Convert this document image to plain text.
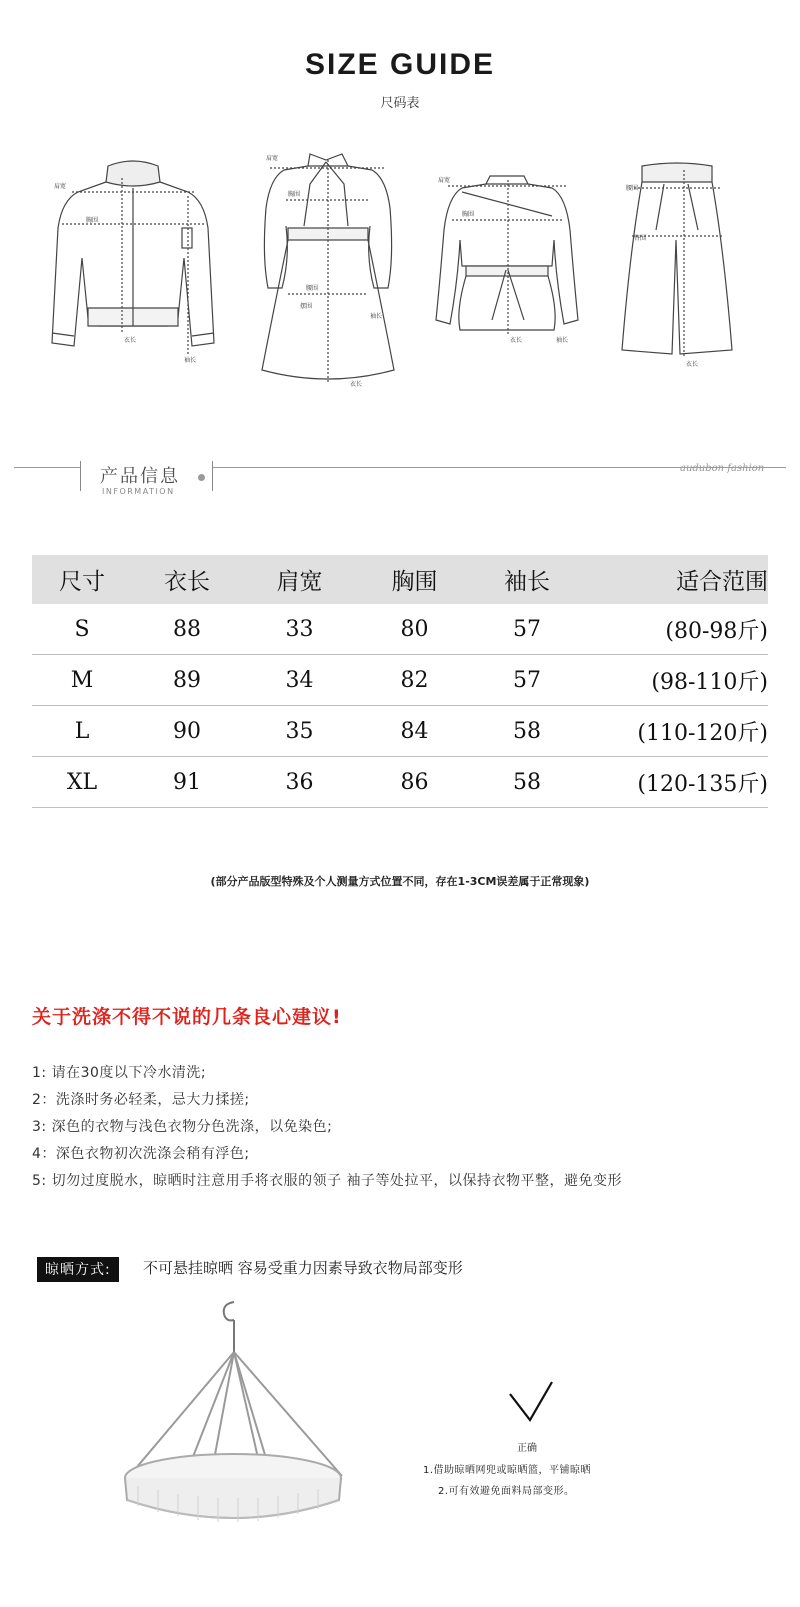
SIZE GUIDE
尺码表
肩宽
胸围
衣长
袖长
肩宽
胸围
腰围
袖长
衣长
摆围
肩宽
胸围
衣长	袖长
腰围
臀围
衣长
产品信息
INFORMATION
audubon fashion
尺寸	衣长	肩宽	胸围	袖长	适合范围
S	88	33	80	57	(80-98斤)
M	89	34	82	57	(98-110斤)
L	90	35	84	58	(110-120斤)
XL	91	36	86	58	(120-135斤)
(部分产品版型特殊及个人测量方式位置不同，存在1-3CM误差属于正常现象)
关于洗涤不得不说的几条良心建议!
1: 请在30度以下冷水清洗;
2：洗涤时务必轻柔，忌大力揉搓;
3: 深色的衣物与浅色衣物分色洗涤，以免染色;
4：深色衣物初次洗涤会稍有浮色;
5: 切勿过度脱水，晾晒时注意用手将衣服的领子 袖子等处拉平，以保持衣物平整，避免变形
晾晒方式:	不可悬挂晾晒 容易受重力因素导致衣物局部变形
正确
1.借助晾晒网兜或晾晒篮，平铺晾晒
2.可有效避免面料局部变形。
